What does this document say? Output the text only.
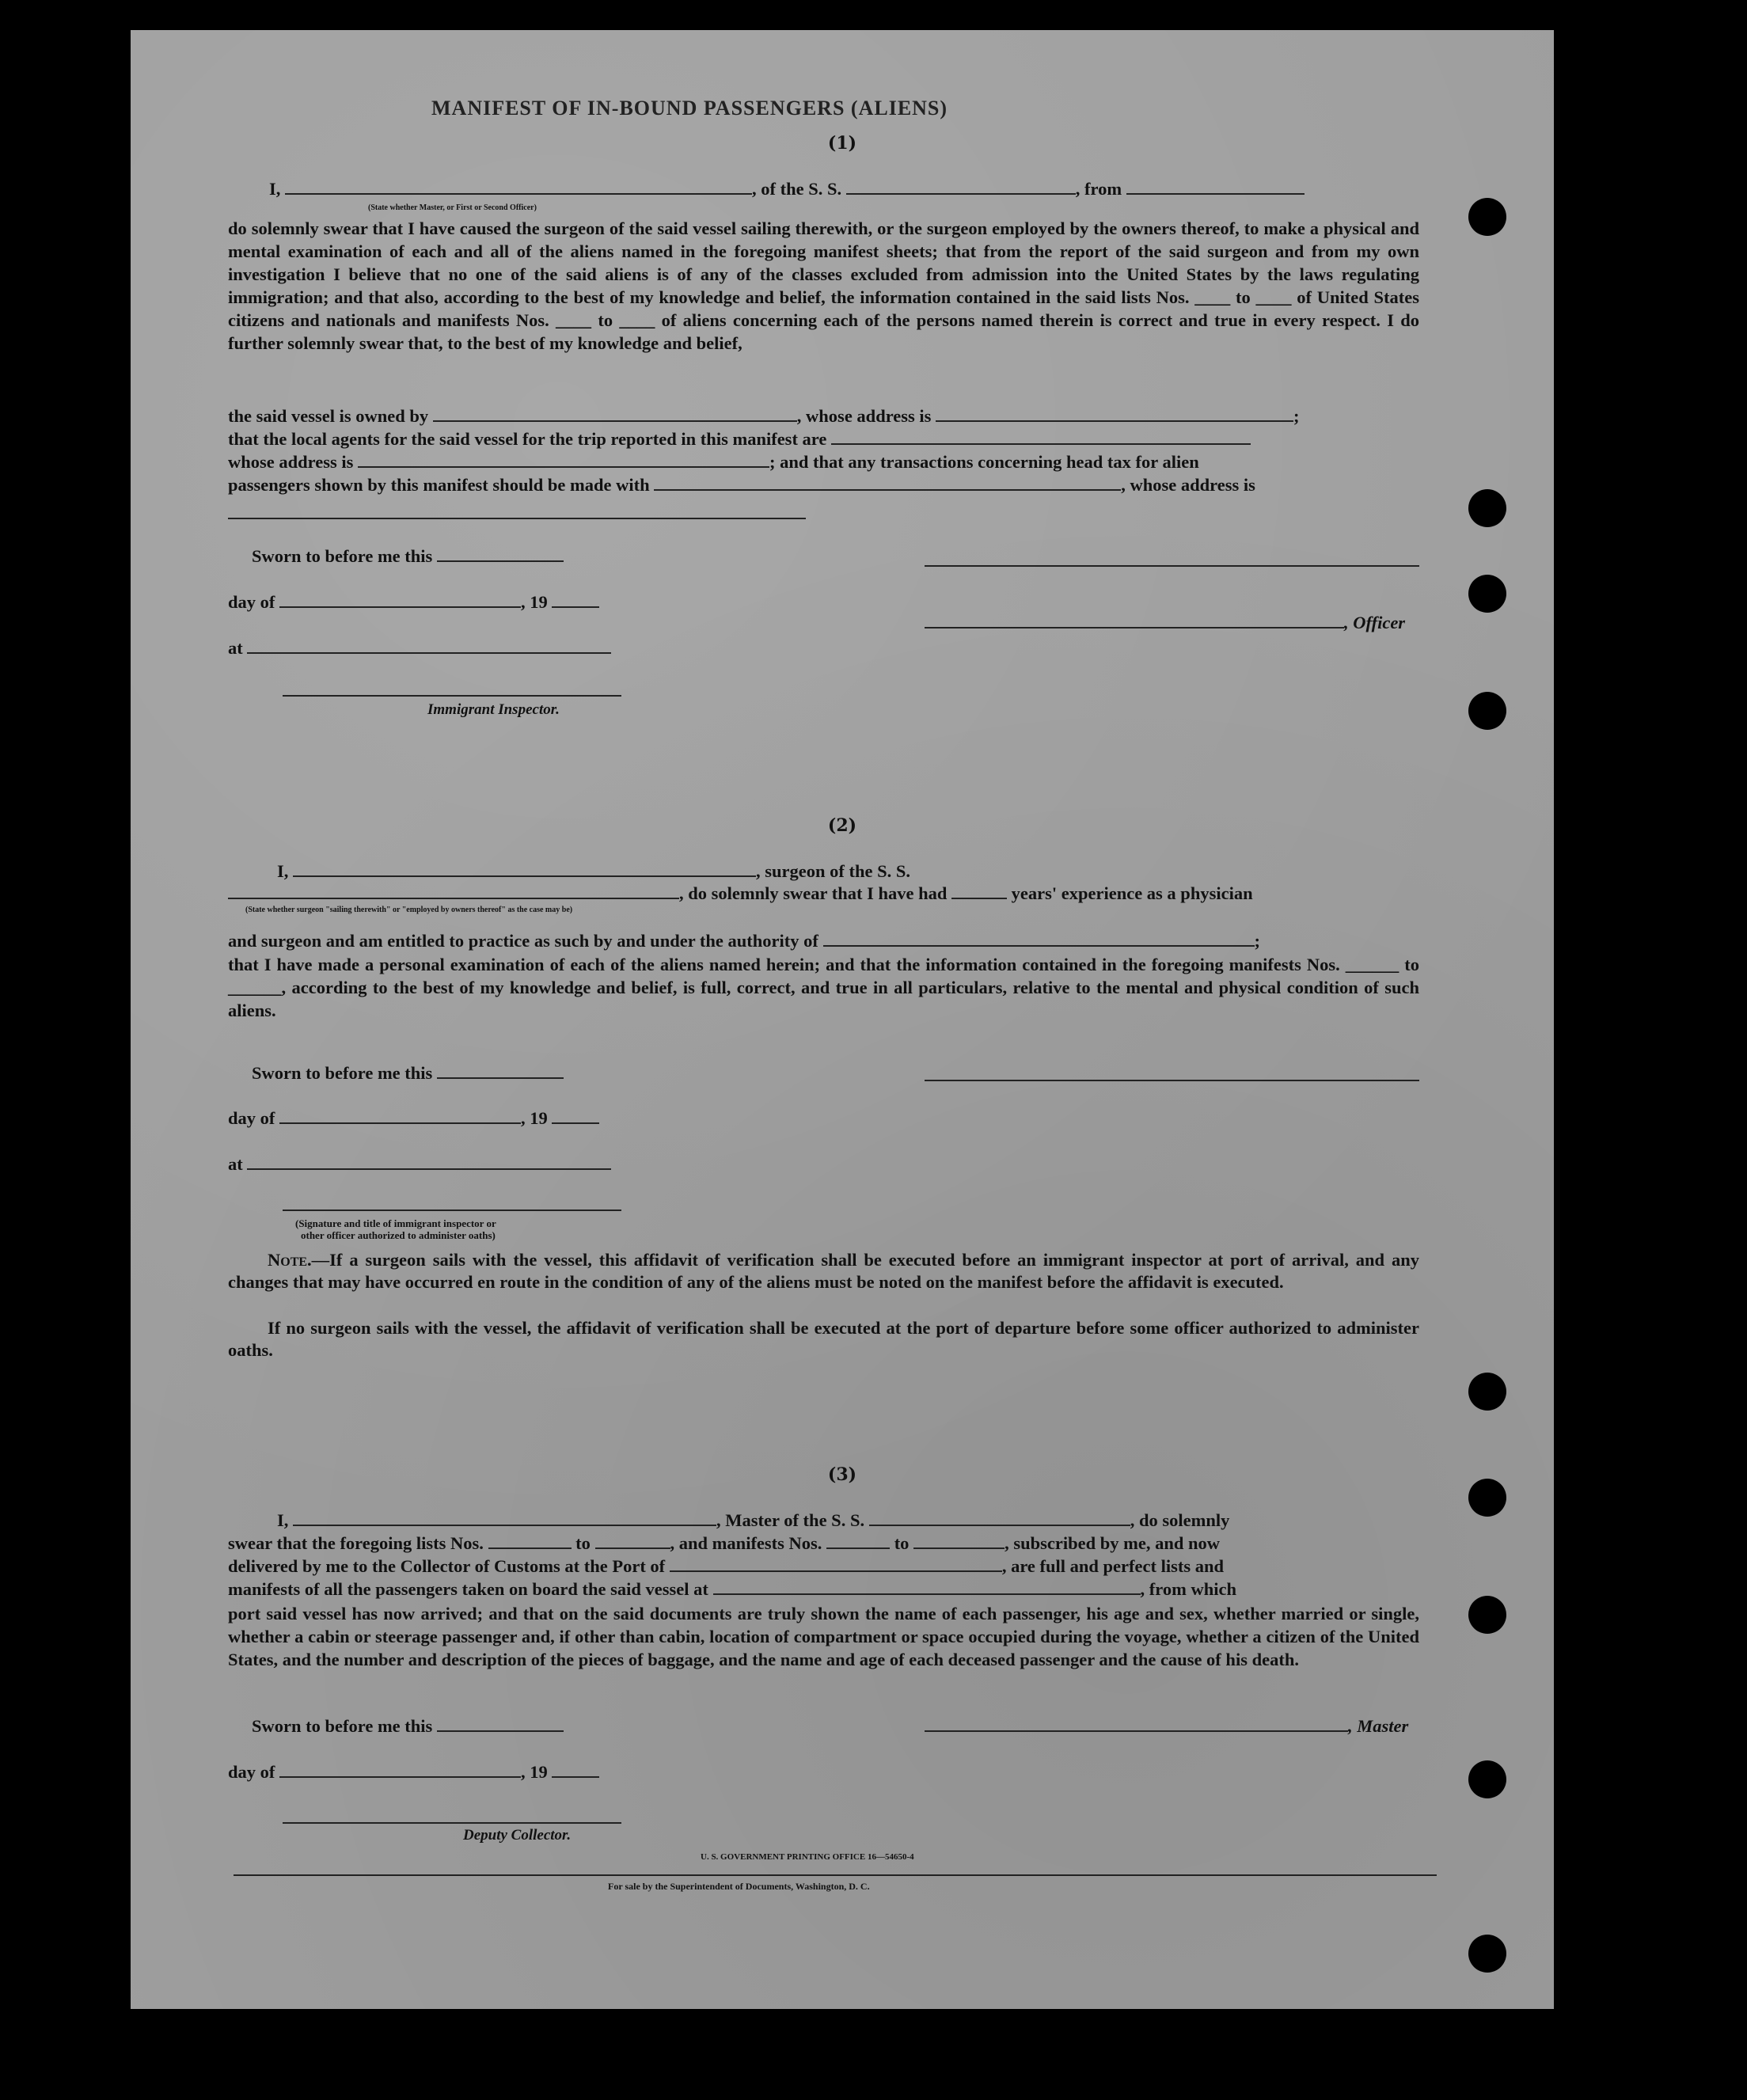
MANIFEST OF IN-BOUND PASSENGERS (ALIENS)
(1)
I,	, of the S. S.	, from
(State whether Master, or First or Second Officer)
do solemnly swear that I have caused the surgeon of the said vessel sailing therewith, or the surgeon employed by the owners thereof, to make a physical and mental examination of each and all of the aliens named in the foregoing manifest sheets; that from the report of the said surgeon and from my own investigation I believe that no one of the said aliens is of any of the classes excluded from admission into the United States by the laws regulating immigration; and that also, according to the best of my knowledge and belief, the information contained in the said lists Nos. ____ to ____ of United States citizens and nationals and manifests Nos. ____ to ____ of aliens concerning each of the persons named therein is correct and true in every respect. I do further solemnly swear that, to the best of my knowledge and belief,
the said vessel is owned by	, whose address is	;
that the local agents for the said vessel for the trip reported in this manifest are
whose address is	; and that any transactions concerning head tax for alien
passengers shown by this manifest should be made with	, whose address is
Sworn to before me this
day of	, 19
, Officer
at
Immigrant Inspector.
(2)
I,	, surgeon of the S. S.
, do solemnly swear that I have had	years' experience as a physician
(State whether surgeon "sailing therewith" or "employed by owners thereof" as the case may be)
and surgeon and am entitled to practice as such by and under the authority of	;
that I have made a personal examination of each of the aliens named herein; and that the information contained in the foregoing manifests Nos. ______ to ______, according to the best of my knowledge and belief, is full, correct, and true in all particulars, relative to the mental and physical condition of such aliens.
Sworn to before me this
day of	, 19
at
(Signature and title of immigrant inspector or
other officer authorized to administer oaths)
Note.—If a surgeon sails with the vessel, this affidavit of verification shall be executed before an immigrant inspector at port of arrival, and any changes that may have occurred en route in the condition of any of the aliens must be noted on the manifest before the affidavit is executed.
If no surgeon sails with the vessel, the affidavit of verification shall be executed at the port of departure before some officer authorized to administer oaths.
(3)
I,	, Master of the S. S.	, do solemnly
swear that the foregoing lists Nos.	to	, and manifests Nos.	to	, subscribed by me, and now
delivered by me to the Collector of Customs at the Port of	, are full and perfect lists and
manifests of all the passengers taken on board the said vessel at	, from which
port said vessel has now arrived; and that on the said documents are truly shown the name of each passenger, his age and sex, whether married or single, whether a cabin or steerage passenger and, if other than cabin, location of compartment or space occupied during the voyage, whether a citizen of the United States, and the number and description of the pieces of baggage, and the name and age of each deceased passenger and the cause of his death.
Sworn to before me this	, Master
day of	, 19
Deputy Collector.
U. S. GOVERNMENT PRINTING OFFICE 16—54650-4
For sale by the Superintendent of Documents, Washington, D. C.
